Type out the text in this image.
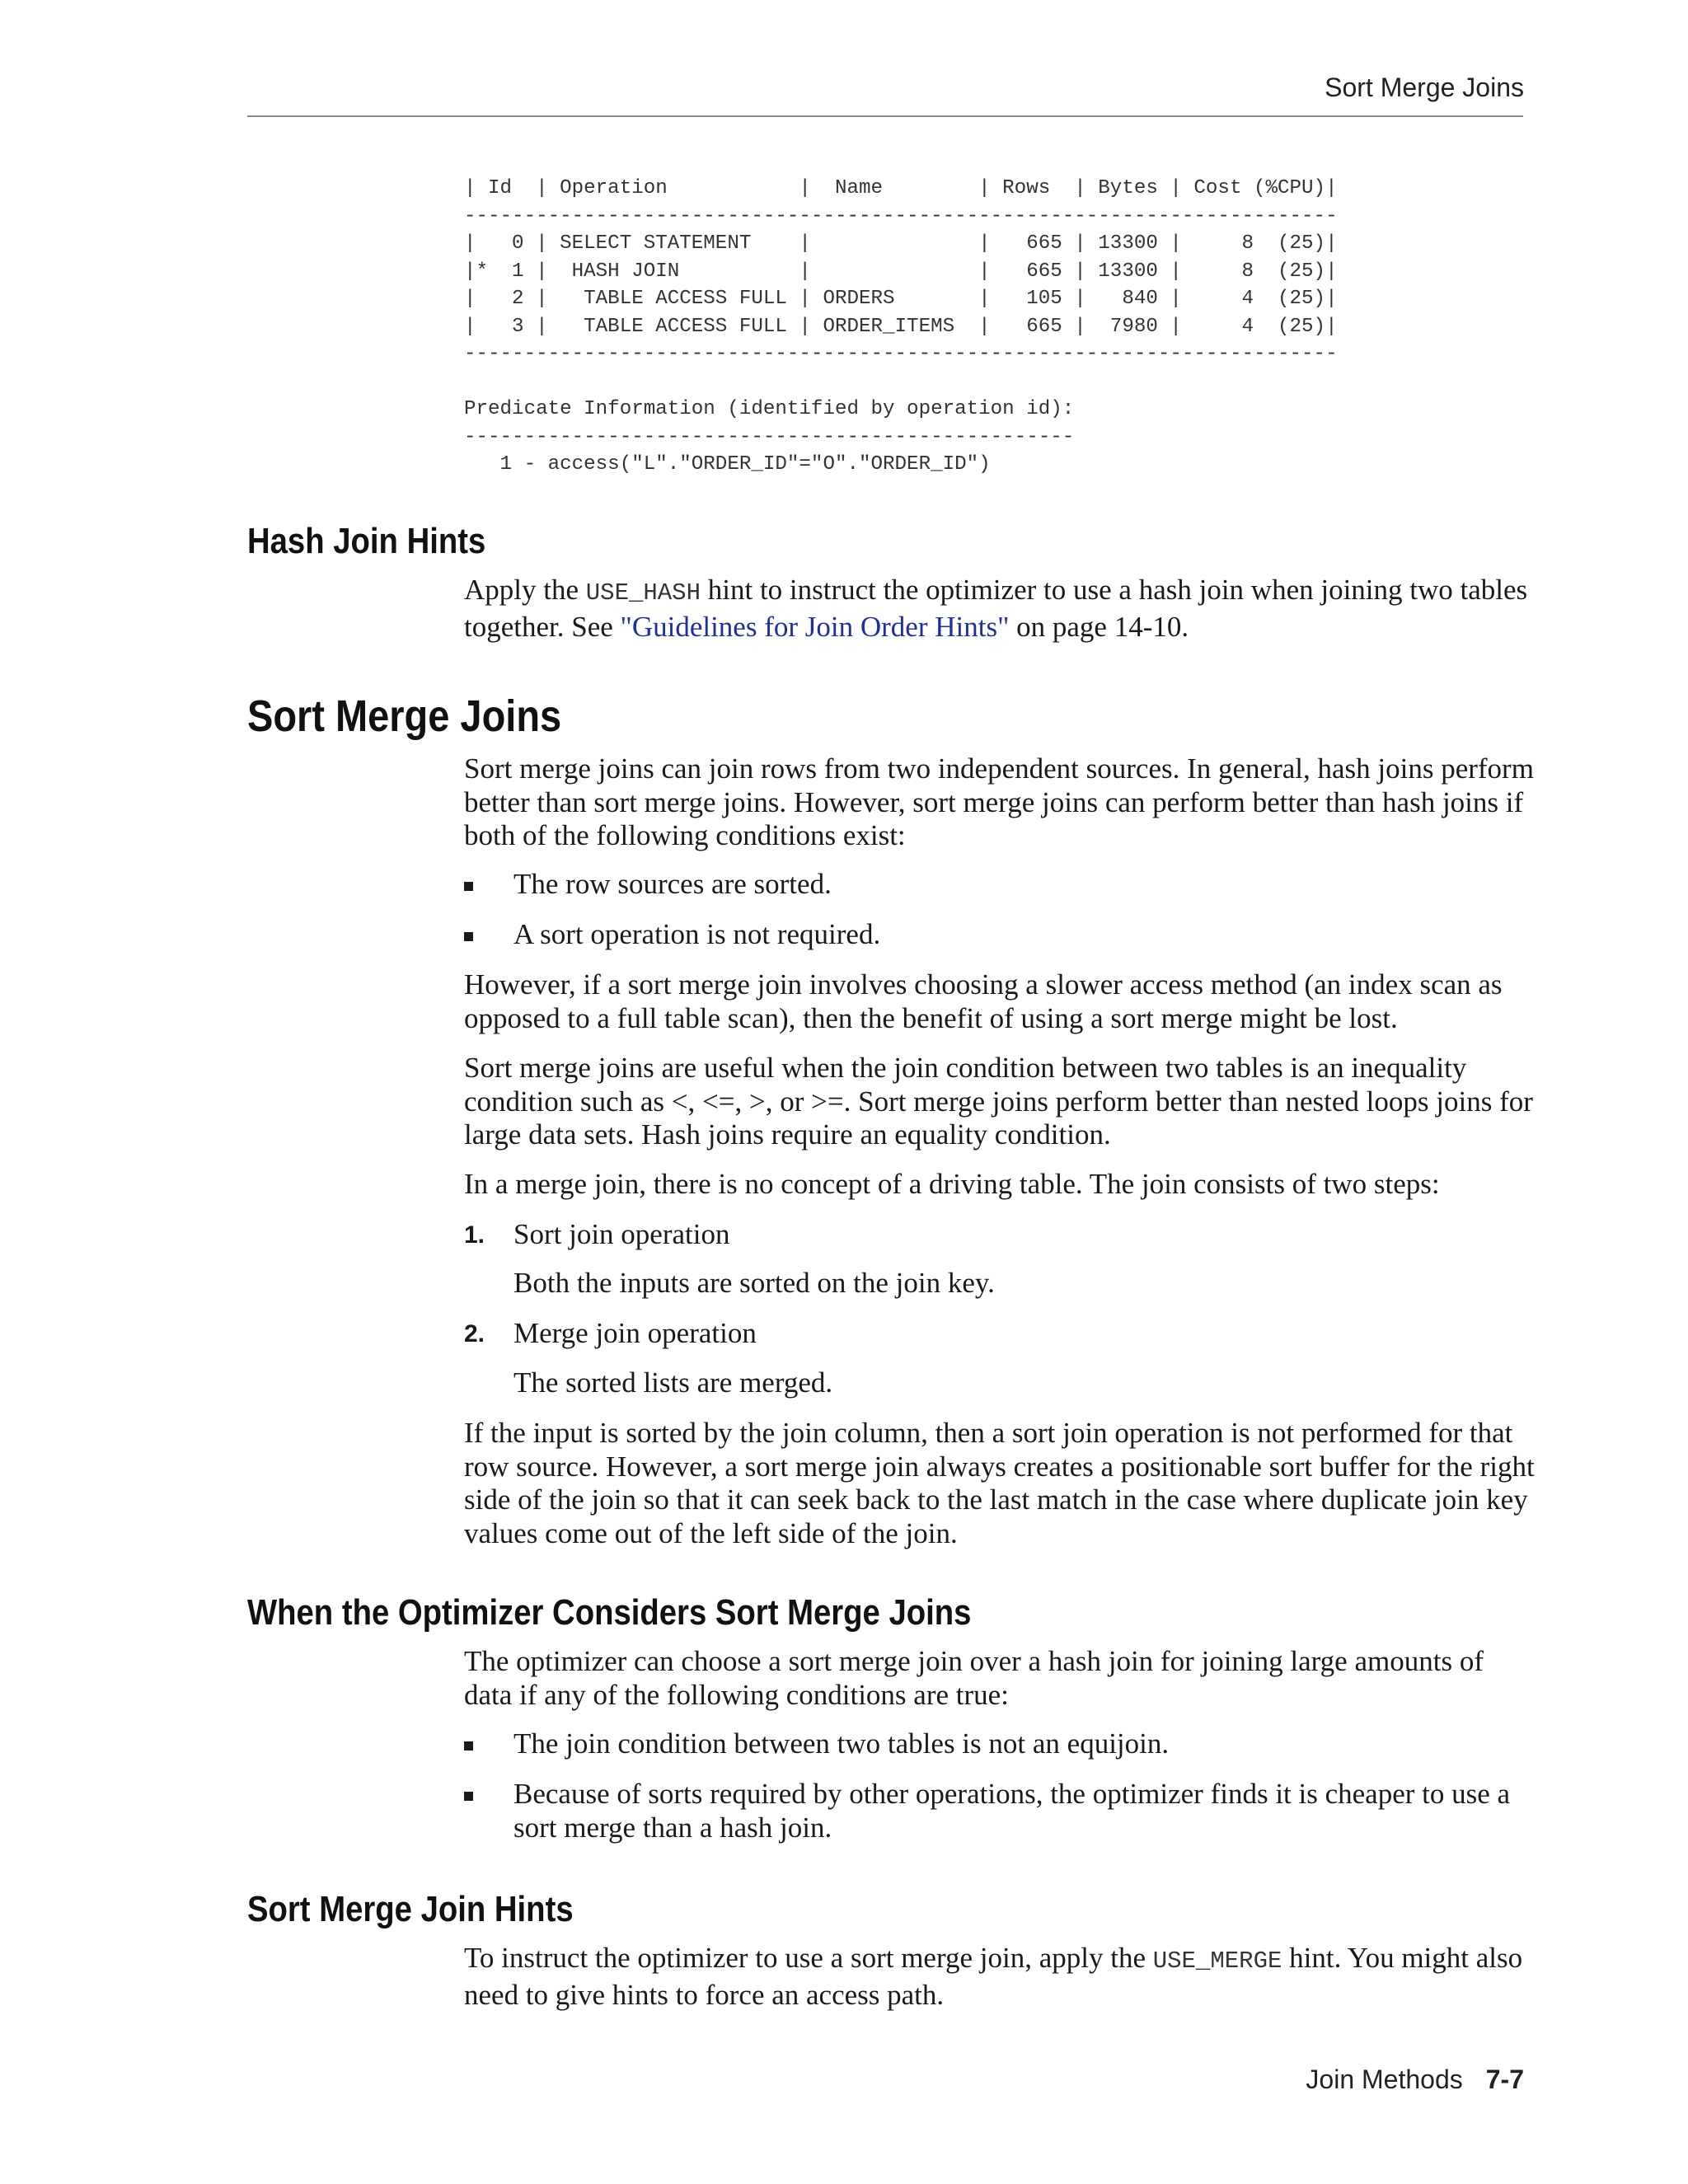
Sort Merge Joins
| Id  | Operation           |  Name        | Rows  | Bytes | Cost (%CPU)|
-------------------------------------------------------------------------
|   0 | SELECT STATEMENT    |              |   665 | 13300 |     8  (25)|
|*  1 |  HASH JOIN          |              |   665 | 13300 |     8  (25)|
|   2 |   TABLE ACCESS FULL | ORDERS       |   105 |   840 |     4  (25)|
|   3 |   TABLE ACCESS FULL | ORDER_ITEMS  |   665 |  7980 |     4  (25)|
-------------------------------------------------------------------------
Predicate Information (identified by operation id):
---------------------------------------------------
1 - access("L"."ORDER_ID"="O"."ORDER_ID")
Hash Join Hints

Apply the USE_HASH hint to instruct the optimizer to use a hash join when joining two tables together. See "Guidelines for Join Order Hints" on page 14-10.

Sort Merge Joins

Sort merge joins can join rows from two independent sources. In general, hash joins perform better than sort merge joins. However, sort merge joins can perform better than hash joins if both of the following conditions exist:

The row sources are sorted.
A sort operation is not required.

However, if a sort merge join involves choosing a slower access method (an index scan as opposed to a full table scan), then the benefit of using a sort merge might be lost.

Sort merge joins are useful when the join condition between two tables is an inequality condition such as <, <=, >, or >=. Sort merge joins perform better than nested loops joins for large data sets. Hash joins require an equality condition.

In a merge join, there is no concept of a driving table. The join consists of two steps:

1. Sort join operation
Both the inputs are sorted on the join key.
2. Merge join operation
The sorted lists are merged.

If the input is sorted by the join column, then a sort join operation is not performed for that row source. However, a sort merge join always creates a positionable sort buffer for the right side of the join so that it can seek back to the last match in the case where duplicate join key values come out of the left side of the join.

When the Optimizer Considers Sort Merge Joins

The optimizer can choose a sort merge join over a hash join for joining large amounts of data if any of the following conditions are true:

The join condition between two tables is not an equijoin.
Because of sorts required by other operations, the optimizer finds it is cheaper to use a sort merge than a hash join.
Sort Merge Join Hints

To instruct the optimizer to use a sort merge join, apply the USE_MERGE hint. You might also need to give hints to force an access path.

Join Methods 7-7
